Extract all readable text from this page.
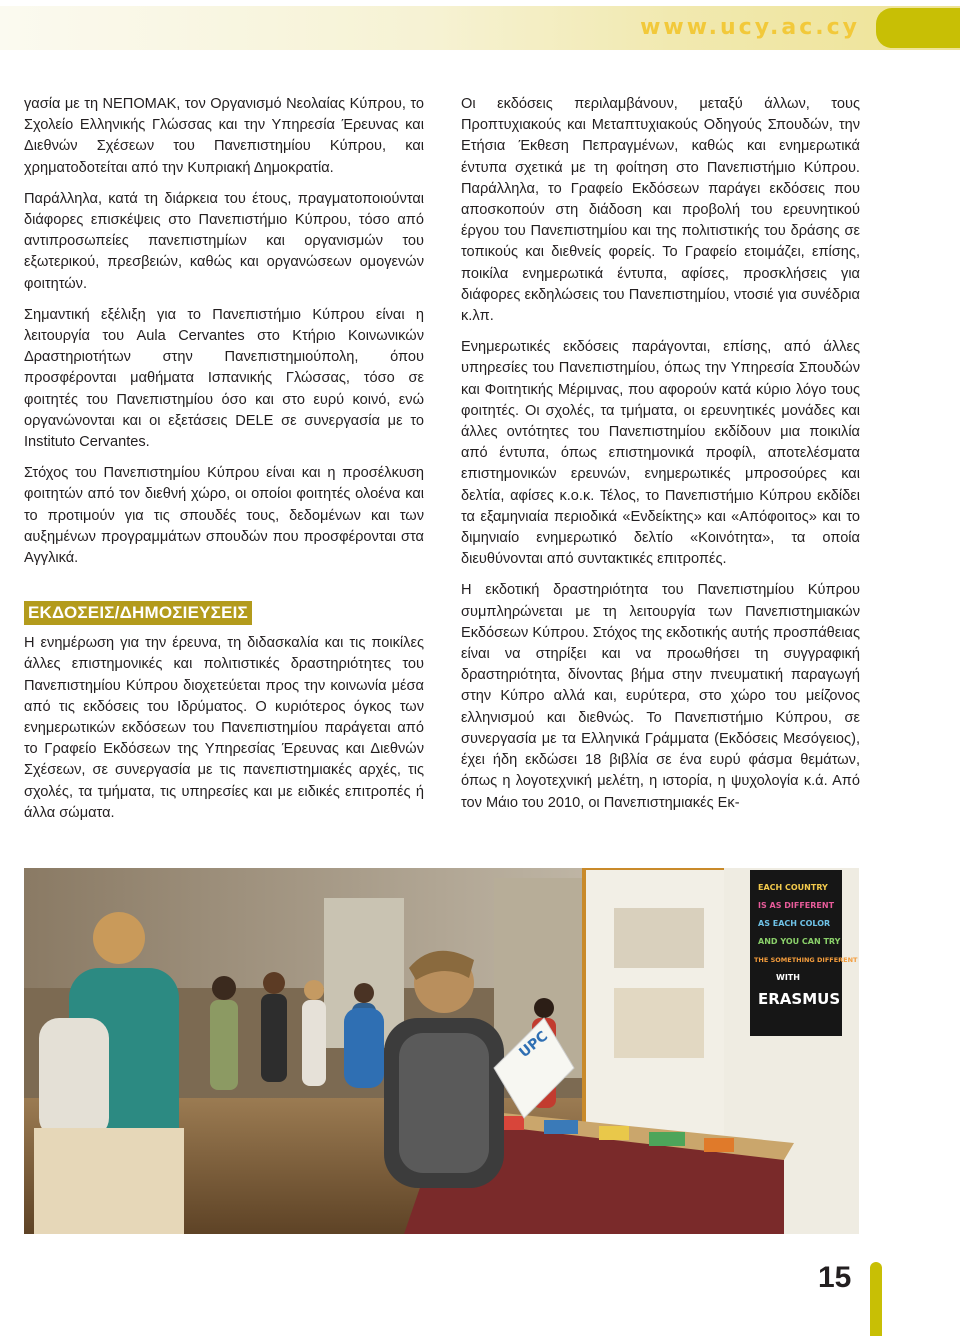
www.ucy.ac.cy

γασία με τη ΝΕΠΟΜΑΚ, τον Οργανισμό Νεολαίας Κύπρου, το Σχολείο Ελληνικής Γλώσσας και την Υπηρεσία Έρευνας και Διεθνών Σχέσεων του Πανεπιστημίου Κύπρου, και χρηματοδοτείται από την Κυπριακή Δημοκρατία.

Παράλληλα, κατά τη διάρκεια του έτους, πραγματοποιούνται διάφορες επισκέψεις στο Πανεπιστήμιο Κύπρου, τόσο από αντιπροσωπείες πανεπιστημίων και οργανισμών του εξωτερικού, πρεσβειών, καθώς και οργανώσεων ομογενών φοιτητών.

Σημαντική εξέλιξη για το Πανεπιστήμιο Κύπρου είναι η λειτουργία του Aula Cervantes στο Κτήριο Κοινωνικών Δραστηριοτήτων στην Πανεπιστημιούπολη, όπου προσφέρονται μαθήματα Ισπανικής Γλώσσας, τόσο σε φοιτητές του Πανεπιστημίου όσο και στο ευρύ κοινό, ενώ οργανώνονται και οι εξετάσεις DELE σε συνεργασία με το Instituto Cervantes.

Στόχος του Πανεπιστημίου Κύπρου είναι και η προσέλκυση φοιτητών από τον διεθνή χώρο, οι οποίοι φοιτητές ολοένα και το προτιμούν για τις σπουδές τους, δεδομένων και των αυξημένων προγραμμάτων σπουδών που προσφέρονται στα Αγγλικά.

ΕΚΔΟΣΕΙΣ/ΔΗΜΟΣΙΕΥΣΕΙΣ

Η ενημέρωση για την έρευνα, τη διδασκαλία και τις ποικίλες άλλες επιστημονικές και πολιτιστικές δραστηριότητες του Πανεπιστημίου Κύπρου διοχετεύεται προς την κοινωνία μέσα από τις εκδόσεις του Ιδρύματος. Ο κυριότερος όγκος των ενημερωτικών εκδόσεων του Πανεπιστημίου παράγεται από το Γραφείο Εκδόσεων της Υπηρεσίας Έρευνας και Διεθνών Σχέσεων, σε συνεργασία με τις πανεπιστημιακές αρχές, τις σχολές, τα τμήματα, τις υπηρεσίες και με ειδικές επιτροπές ή άλλα σώματα.

Οι εκδόσεις περιλαμβάνουν, μεταξύ άλλων, τους Προπτυχιακούς και Μεταπτυχιακούς Οδηγούς Σπουδών, την Ετήσια Έκθεση Πεπραγμένων, καθώς και ενημερωτικά έντυπα σχετικά με τη φοίτηση στο Πανεπιστήμιο Κύπρου. Παράλληλα, το Γραφείο Εκδόσεων παράγει εκδόσεις που αποσκοπούν στη διάδοση και προβολή του ερευνητικού έργου του Πανεπιστημίου και της πολιτιστικής του δράσης σε τοπικούς και διεθνείς φορείς. Το Γραφείο ετοιμάζει, επίσης, ποικίλα ενημερωτικά έντυπα, αφίσες, προσκλήσεις για διάφορες εκδηλώσεις του Πανεπιστημίου, ντοσιέ για συνέδρια κ.λπ.

Ενημερωτικές εκδόσεις παράγονται, επίσης, από άλλες υπηρεσίες του Πανεπιστημίου, όπως την Υπηρεσία Σπουδών και Φοιτητικής Μέριμνας, που αφορούν κατά κύριο λόγο τους φοιτητές. Οι σχολές, τα τμήματα, οι ερευνητικές μονάδες και άλλες οντότητες του Πανεπιστημίου εκδίδουν μια ποικιλία από έντυπα, όπως επιστημονικά προφίλ, αποτελέσματα επιστημονικών ερευνών, ενημερωτικές μπροσούρες και δελτία, αφίσες κ.ο.κ. Τέλος, το Πανεπιστήμιο Κύπρου εκδίδει τα εξαμηνιαία περιοδικά «Ενδείκτης» και «Απόφοιτος» και το διμηνιαίο ενημερωτικό δελτίο «Κοινότητα», τα οποία διευθύνονται από συντακτικές επιτροπές.

Η εκδοτική δραστηριότητα του Πανεπιστημίου Κύπρου συμπληρώνεται με τη λειτουργία των Πανεπιστημιακών Εκδόσεων Κύπρου. Στόχος της εκδοτικής αυτής προσπάθειας είναι να στηρίξει και να προωθήσει τη συγγραφική δραστηριότητα, δίνοντας βήμα στην πνευματική παραγωγή στην Κύπρο αλλά και, ευρύτερα, στο χώρο του μείζονος ελληνισμού και διεθνώς. Το Πανεπιστήμιο Κύπρου, σε συνεργασία με τα Ελληνικά Γράμματα (Εκδόσεις Μεσόγειος), έχει ήδη εκδώσει 18 βιβλία σε ένα ευρύ φάσμα θεμάτων, όπως η λογοτεχνική μελέτη, η ιστορία, η ψυχολογία κ.ά. Από τον Μάιο του 2010, οι Πανεπιστημιακές Εκ-

EACH COUNTRY
IS AS DIFFERENT
AS EACH COLOR
AND YOU CAN TRY
THE SOMETHING DIFFERENT
WITH
ERASMUS
UPC
15
